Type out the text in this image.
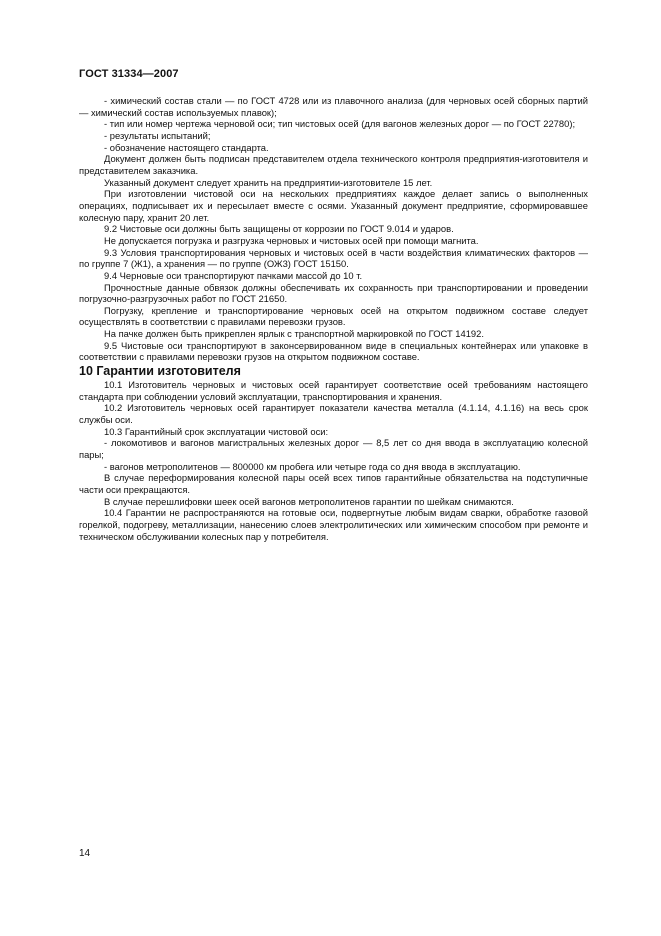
ГОСТ 31334—2007

- химический состав стали — по ГОСТ 4728 или из плавочного анализа (для черновых осей сборных партий — химический состав используемых плавок);

- тип или номер чертежа черновой оси; тип чистовых осей (для вагонов железных дорог — по ГОСТ 22780);

- результаты испытаний;

- обозначение настоящего стандарта.

Документ должен быть подписан представителем отдела технического контроля предприятия-изготовителя и представителем заказчика.

Указанный документ следует хранить на предприятии-изготовителе 15 лет.

При изготовлении чистовой оси на нескольких предприятиях каждое делает запись о выполненных операциях, подписывает их и пересылает вместе с осями. Указанный документ предприятие, сформировавшее колесную пару, хранит 20 лет.

9.2 Чистовые оси должны быть защищены от коррозии по ГОСТ 9.014 и ударов.

Не допускается погрузка и разгрузка черновых и чистовых осей при помощи магнита.

9.3 Условия транспортирования черновых и чистовых осей в части воздействия климатических факторов — по группе 7 (Ж1), а хранения — по группе (ОЖ3) ГОСТ 15150.

9.4 Черновые оси транспортируют пачками массой до 10 т.

Прочностные данные обвязок должны обеспечивать их сохранность при транспортировании и проведении погрузочно-разгрузочных работ по ГОСТ 21650.

Погрузку, крепление и транспортирование черновых осей на открытом подвижном составе следует осуществлять в соответствии с правилами перевозки грузов.

На пачке должен быть прикреплен ярлык с транспортной маркировкой по ГОСТ 14192.

9.5 Чистовые оси транспортируют в законсервированном виде в специальных контейнерах или упаковке в соответствии с правилами перевозки грузов на открытом подвижном составе.

10 Гарантии изготовителя

10.1 Изготовитель черновых и чистовых осей гарантирует соответствие осей требованиям настоящего стандарта при соблюдении условий эксплуатации, транспортирования и хранения.

10.2 Изготовитель черновых осей гарантирует показатели качества металла (4.1.14, 4.1.16) на весь срок службы оси.

10.3 Гарантийный срок эксплуатации чистовой оси:

- локомотивов и вагонов магистральных железных дорог — 8,5 лет со дня ввода в эксплуатацию колесной пары;

- вагонов метрополитенов — 800000 км пробега или четыре года со дня ввода в эксплуатацию.

В случае переформирования колесной пары осей всех типов гарантийные обязательства на подступичные части оси прекращаются.

В случае перешлифовки шеек осей вагонов метрополитенов гарантии по шейкам снимаются.

10.4 Гарантии не распространяются на готовые оси, подвергнутые любым видам сварки, обработке газовой горелкой, подогреву, металлизации, нанесению слоев электролитических или химическим способом при ремонте и техническом обслуживании колесных пар у потребителя.

14
